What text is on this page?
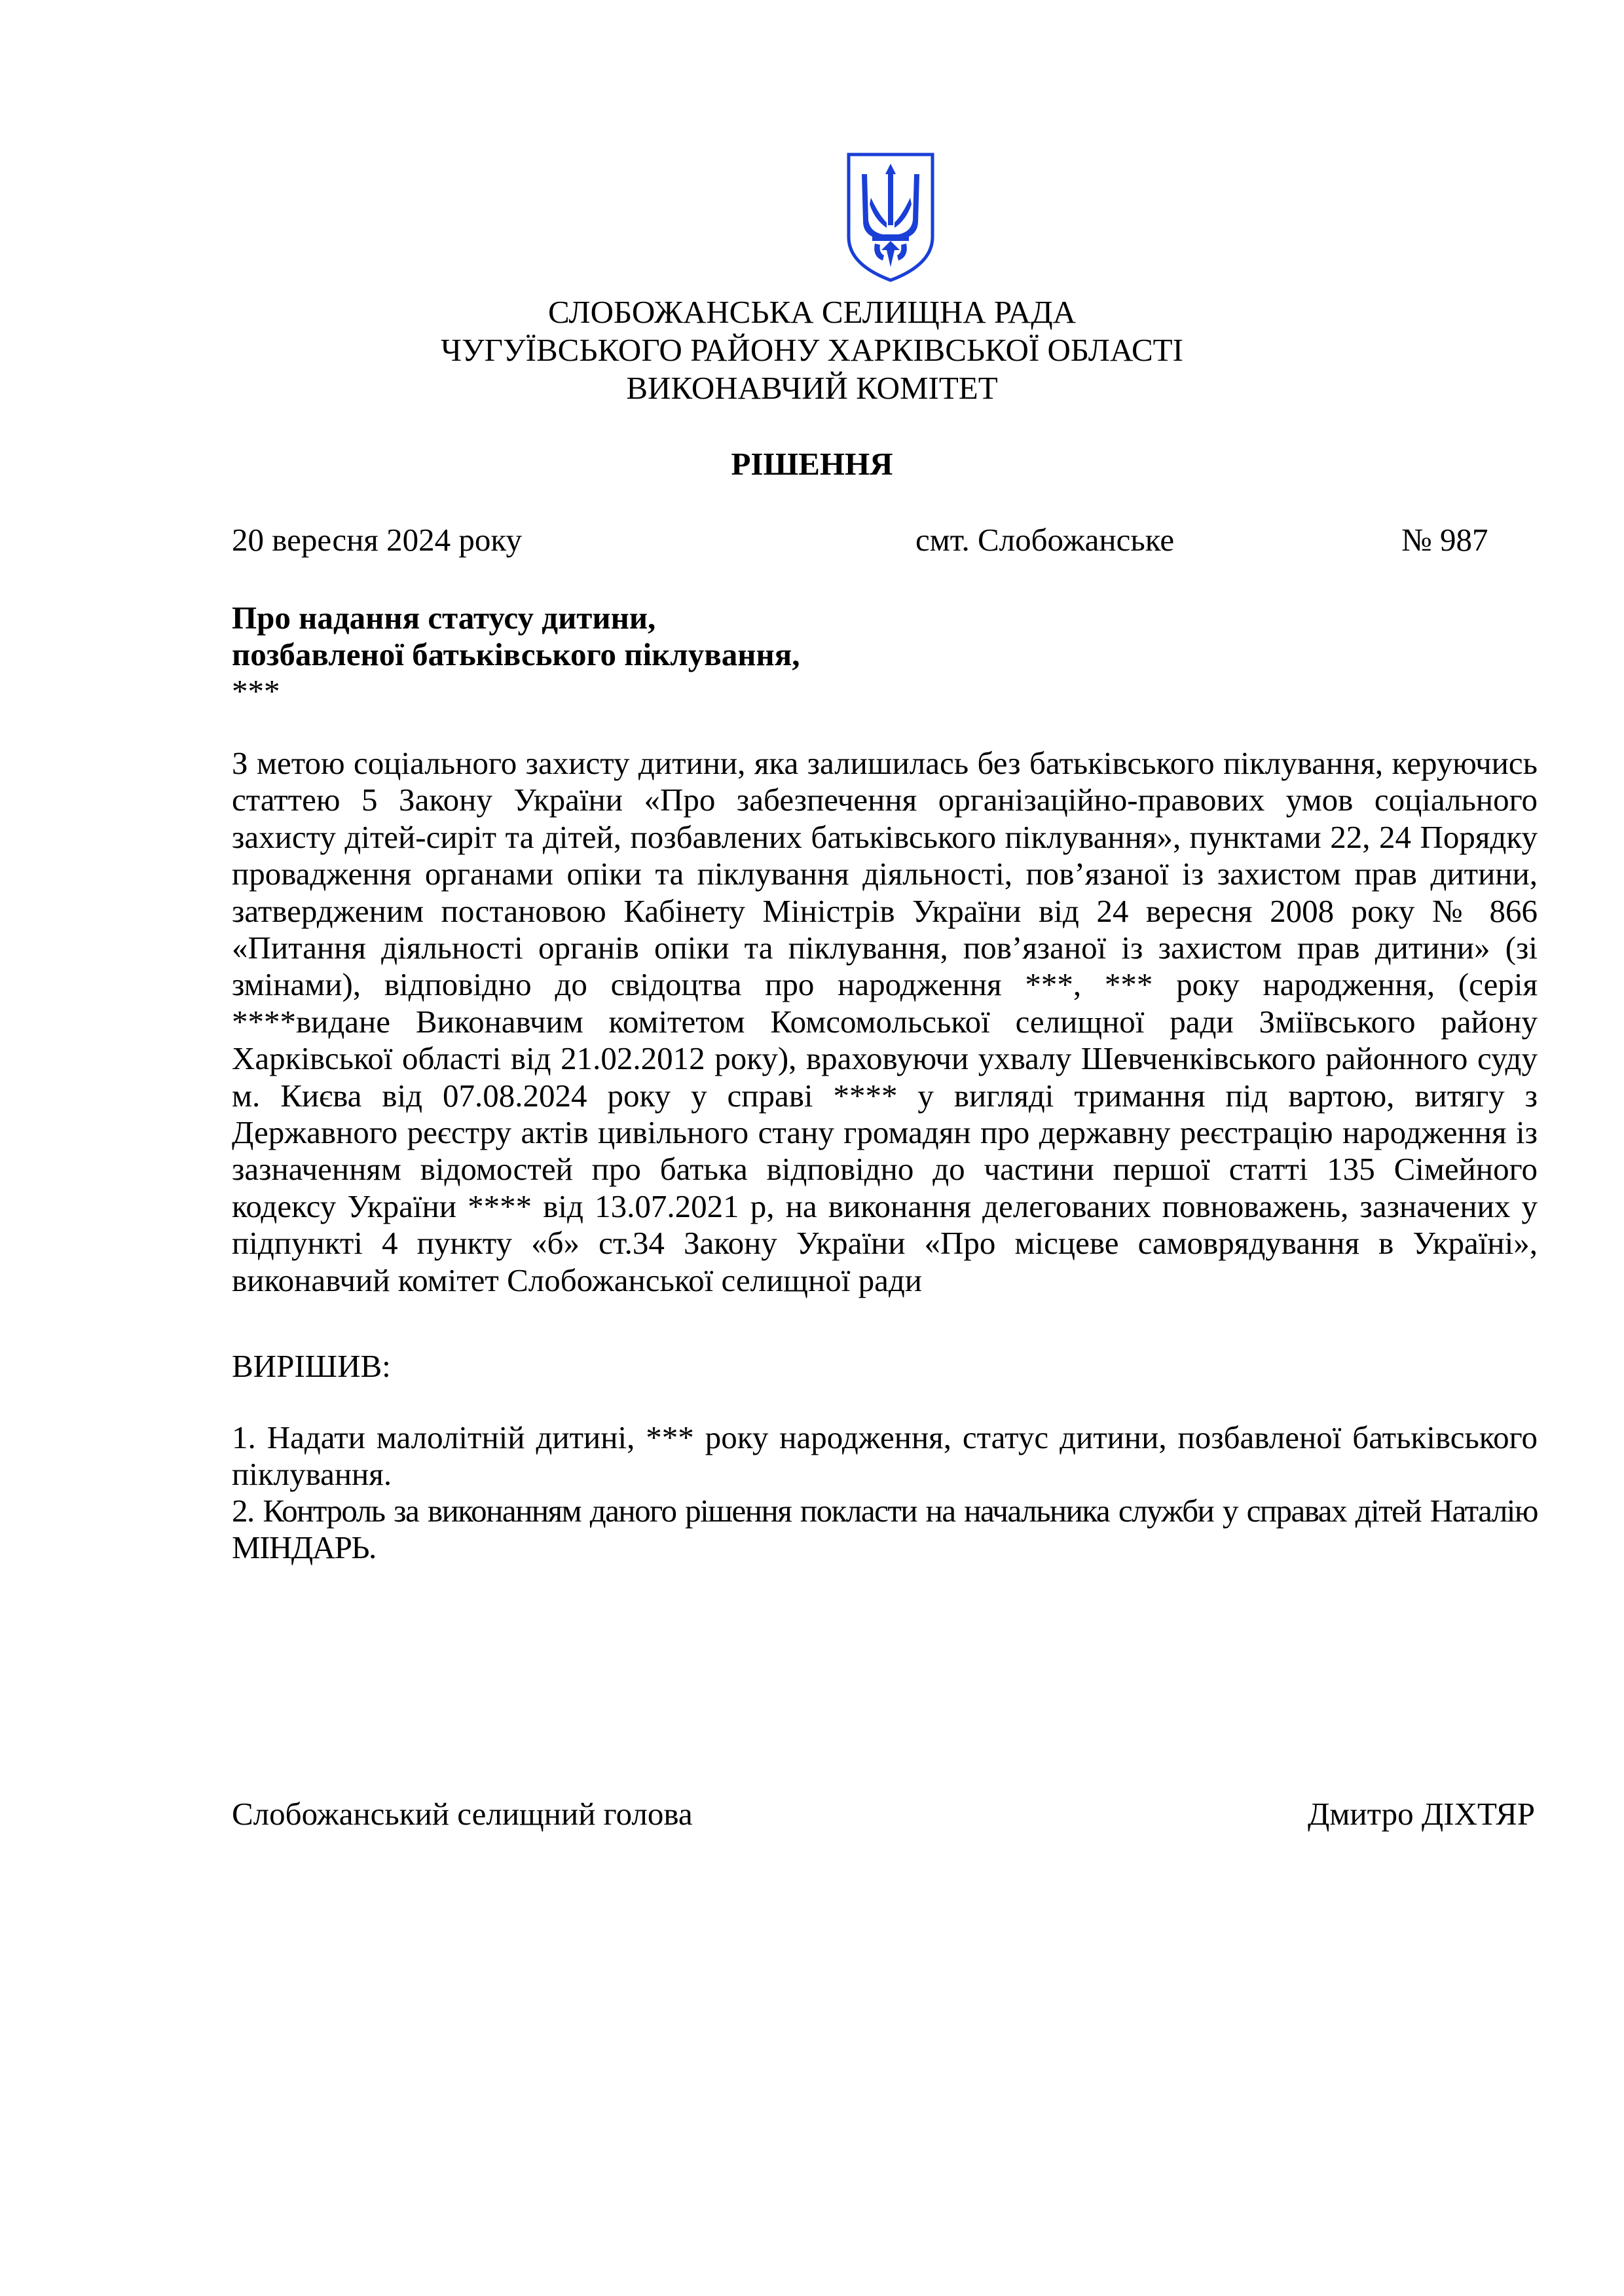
СЛОБОЖАНСЬКА СЕЛИЩНА РАДА
ЧУГУЇВСЬКОГО РАЙОНУ ХАРКІВСЬКОЇ ОБЛАСТІ
ВИКОНАВЧИЙ КОМІТЕТ
РІШЕННЯ
20 вересня 2024 року	смт. Слобожанське	№ 987
Про надання статусу дитини,
позбавленої батьківського піклування,
***
З метою соціального захисту дитини, яка залишилась без батьківського піклування, керуючись статтею 5 Закону України «Про забезпечення організаційно-правових умов соціального захисту дітей-сиріт та дітей, позбавлених батьківського піклування», пунктами 22, 24 Порядку провадження органами опіки та піклування діяльності, пов’язаної із захистом прав дитини, затвердженим постановою Кабінету Міністрів України від 24 вересня 2008 року № 866 «Питання діяльності органів опіки та піклування, пов’язаної із захистом прав дитини» (зі змінами), відповідно до свідоцтва про народження ***, *** року народження, (серія ****видане Виконавчим комітетом Комсомольської селищної ради Зміївського району Харківської області від 21.02.2012 року), враховуючи ухвалу Шевченківського районного суду м. Києва від 07.08.2024 року у справі **** у вигляді тримання під вартою, витягу з Державного реєстру актів цивільного стану громадян про державну реєстрацію народження із зазначенням відомостей про батька відповідно до частини першої статті 135 Сімейного кодексу України **** від 13.07.2021 р, на виконання делегованих повноважень, зазначених у підпункті 4 пункту «б» ст.34 Закону України «Про місцеве самоврядування в Україні», виконавчий комітет Слобожанської селищної ради
ВИРІШИВ:

1. Надати малолітній дитині, *** року народження, статус дитини, позбавленої батьківського піклування.

2. Контроль за виконанням даного рішення покласти на начальника служби у справах дітей Наталію МІНДАРЬ.

Слобожанський селищний голова	Дмитро ДІХТЯР
